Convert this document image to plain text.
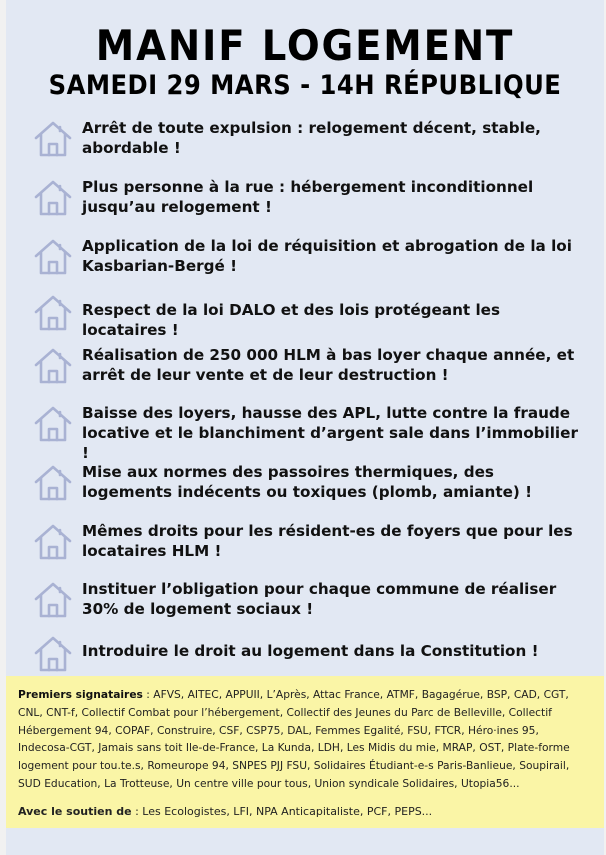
MANIF LOGEMENT
SAMEDI 29 MARS - 14H RÉPUBLIQUE
Arrêt de toute expulsion : relogement décent, stable, abordable !
Plus personne à la rue : hébergement inconditionnel jusqu’au relogement !
Application de la loi de réquisition et abrogation de la loi Kasbarian-Bergé !
Respect de la loi DALO et des lois protégeant les locataires !
Réalisation de 250 000 HLM à bas loyer chaque année, et arrêt de leur vente et de leur destruction !
Baisse des loyers, hausse des APL, lutte contre la fraude locative et le blanchiment d’argent sale dans l’immobilier !
Mise aux normes des passoires thermiques, des logements indécents ou toxiques (plomb, amiante) !
Mêmes droits pour les résident-es de foyers que pour les locataires HLM !
Instituer l’obligation pour chaque commune de réaliser 30% de logement sociaux !
Introduire le droit au logement dans la Constitution !
Premiers signataires : AFVS, AITEC, APPUII, L’Après, Attac France, ATMF, Bagagérue, BSP, CAD, CGT, CNL, CNT-f, Collectif Combat pour l’hébergement, Collectif des Jeunes du Parc de Belleville, Collectif Hébergement 94, COPAF, Construire, CSF, CSP75, DAL, Femmes Egalité, FSU, FTCR, Héro·ines 95, Indecosa-CGT, Jamais sans toit Ile-de-France, La Kunda, LDH, Les Midis du mie, MRAP, OST, Plate-forme logement pour tou.te.s, Romeurope 94, SNPES PJJ FSU, Solidaires Étudiant-e-s Paris-Banlieue, Soupirail, SUD Education, La Trotteuse, Un centre ville pour tous, Union syndicale Solidaires, Utopia56...
Avec le soutien de : Les Ecologistes, LFI, NPA Anticapitaliste, PCF, PEPS...
